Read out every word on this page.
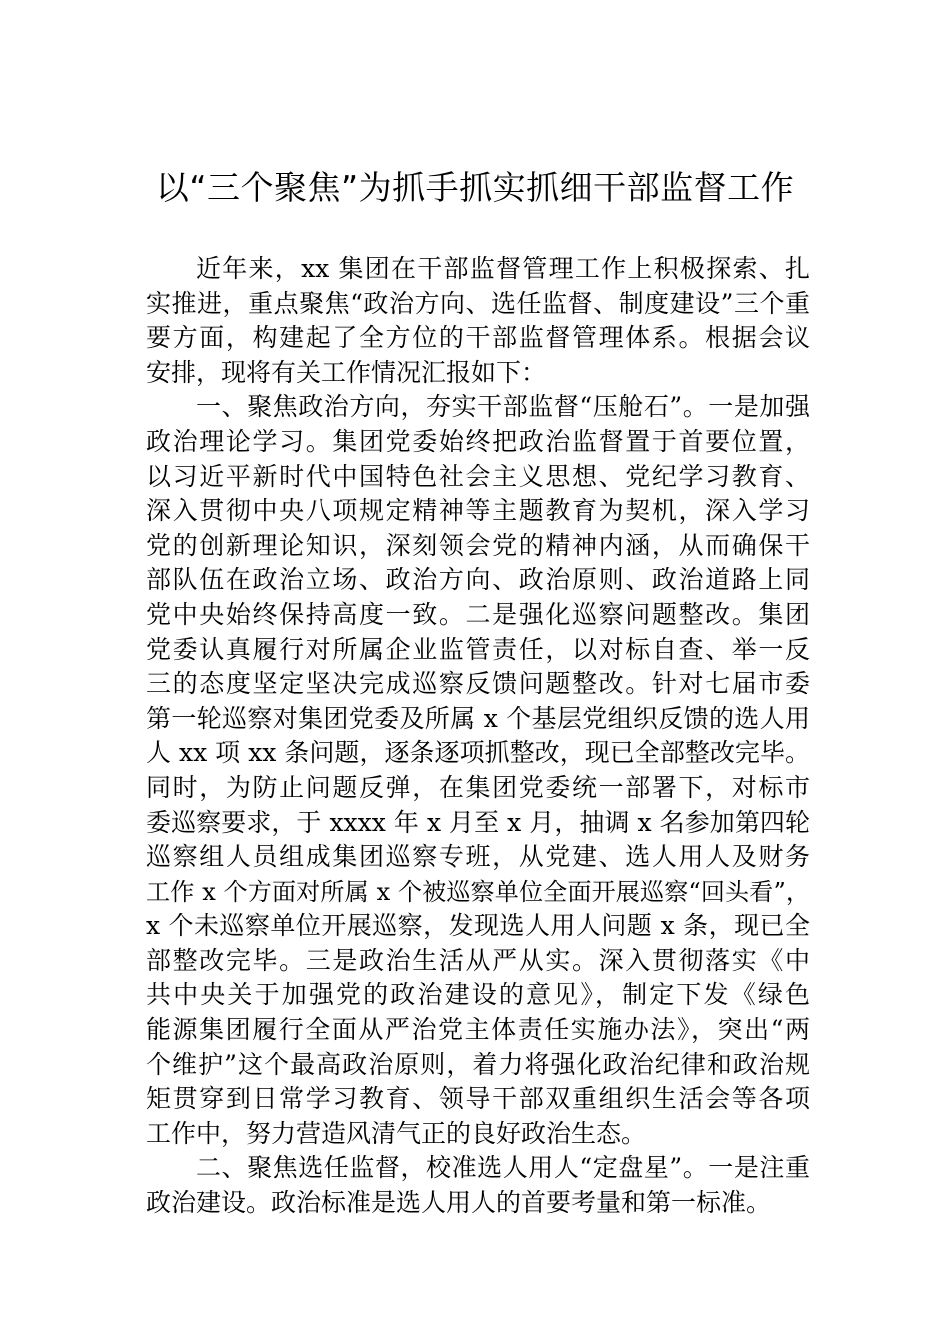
以“三个聚焦”为抓手抓实抓细干部监督工作
近年来，xx 集团在干部监督管理工作上积极探索、扎
实推进，重点聚焦“政治方向、选任监督、制度建设”三个重
要方面，构建起了全方位的干部监督管理体系。根据会议
安排，现将有关工作情况汇报如下：
一、聚焦政治方向，夯实干部监督“压舱石”。一是加强
政治理论学习。集团党委始终把政治监督置于首要位置，
以习近平新时代中国特色社会主义思想、党纪学习教育、
深入贯彻中央八项规定精神等主题教育为契机，深入学习
党的创新理论知识，深刻领会党的精神内涵，从而确保干
部队伍在政治立场、政治方向、政治原则、政治道路上同
党中央始终保持高度一致。二是强化巡察问题整改。集团
党委认真履行对所属企业监管责任，以对标自查、举一反
三的态度坚定坚决完成巡察反馈问题整改。针对七届市委
第一轮巡察对集团党委及所属 x 个基层党组织反馈的选人用
人 xx 项 xx 条问题，逐条逐项抓整改，现已全部整改完毕。
同时，为防止问题反弹，在集团党委统一部署下，对标市
委巡察要求，于 xxxx 年 x 月至 x 月，抽调 x 名参加第四轮
巡察组人员组成集团巡察专班，从党建、选人用人及财务
工作 x 个方面对所属 x 个被巡察单位全面开展巡察“回头看”，
x 个未巡察单位开展巡察，发现选人用人问题 x 条，现已全
部整改完毕。三是政治生活从严从实。深入贯彻落实《中
共中央关于加强党的政治建设的意见》，制定下发《绿色
能源集团履行全面从严治党主体责任实施办法》，突出“两
个维护”这个最高政治原则，着力将强化政治纪律和政治规
矩贯穿到日常学习教育、领导干部双重组织生活会等各项
工作中，努力营造风清气正的良好政治生态。
二、聚焦选任监督，校准选人用人“定盘星”。一是注重
政治建设。政治标准是选人用人的首要考量和第一标准。
